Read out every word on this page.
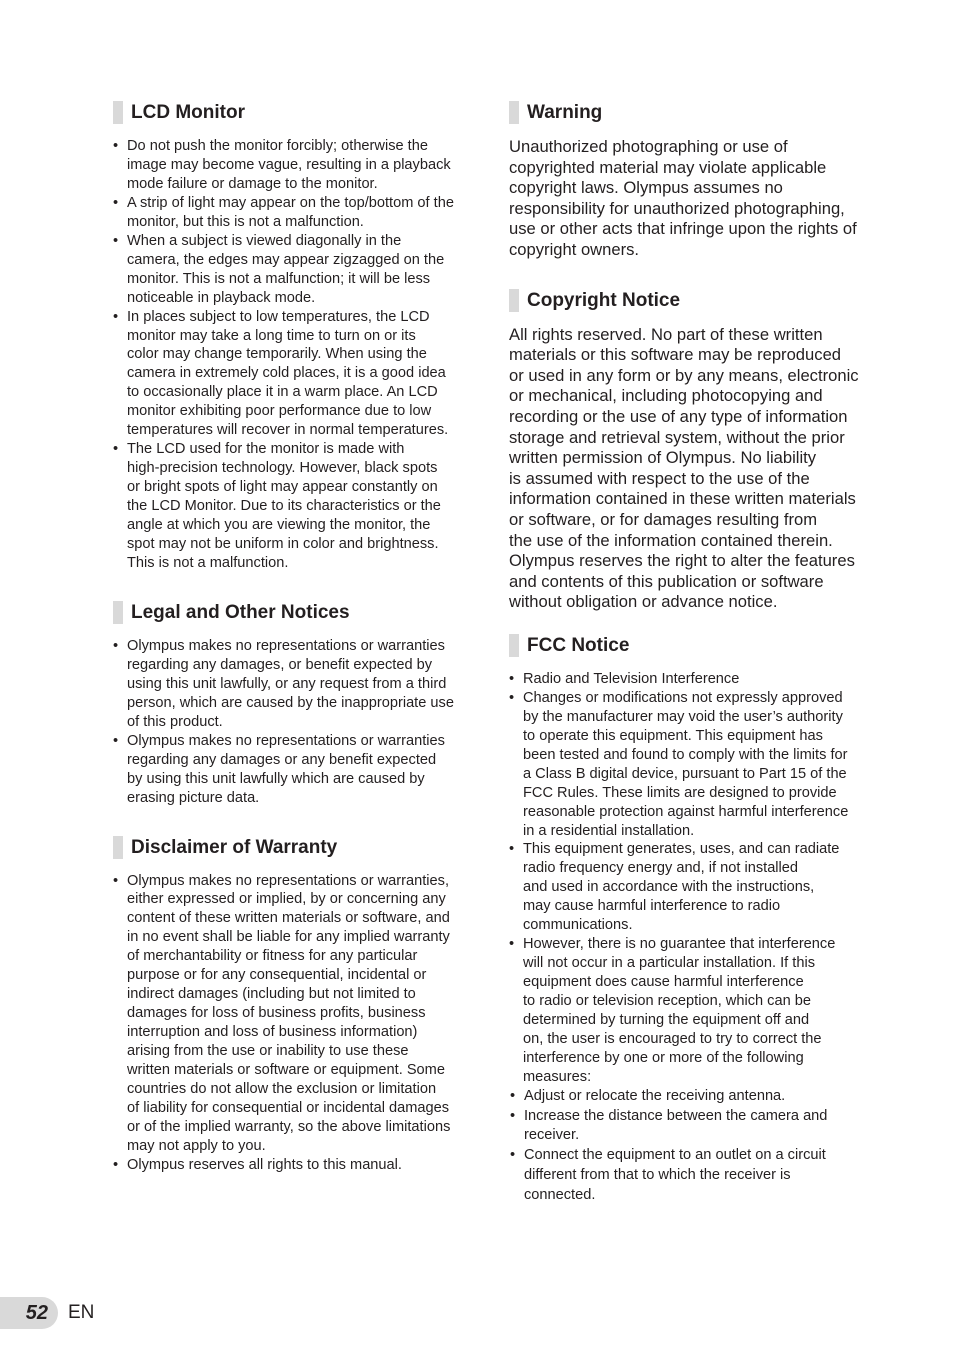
LCD Monitor
• Do not push the monitor forcibly; otherwise the
image may become vague, resulting in a playback
mode failure or damage to the monitor.
• A strip of light may appear on the top/bottom of the
monitor, but this is not a malfunction.
• When a subject is viewed diagonally in the
camera, the edges may appear zigzagged on the
monitor. This is not a malfunction; it will be less
noticeable in playback mode.
• In places subject to low temperatures, the LCD
monitor may take a long time to turn on or its
color may change temporarily. When using the
camera in extremely cold places, it is a good idea
to occasionally place it in a warm place. An LCD
monitor exhibiting poor performance due to low
temperatures will recover in normal temperatures.
• The LCD used for the monitor is made with
high-precision technology. However, black spots
or bright spots of light may appear constantly on
the LCD Monitor. Due to its characteristics or the
angle at which you are viewing the monitor, the
spot may not be uniform in color and brightness.
This is not a malfunction.
Legal and Other Notices
• Olympus makes no representations or warranties
regarding any damages, or benefit expected by
using this unit lawfully, or any request from a third
person, which are caused by the inappropriate use
of this product.
• Olympus makes no representations or warranties
regarding any damages or any benefit expected
by using this unit lawfully which are caused by
erasing picture data.
Disclaimer of Warranty
• Olympus makes no representations or warranties,
either expressed or implied, by or concerning any
content of these written materials or software, and
in no event shall be liable for any implied warranty
of merchantability or fitness for any particular
purpose or for any consequential, incidental or
indirect damages (including but not limited to
damages for loss of business profits, business
interruption and loss of business information)
arising from the use or inability to use these
written materials or software or equipment. Some
countries do not allow the exclusion or limitation
of liability for consequential or incidental damages
or of the implied warranty, so the above limitations
may not apply to you.
• Olympus reserves all rights to this manual.
Warning

Unauthorized photographing or use of
copyrighted material may violate applicable
copyright laws. Olympus assumes no
responsibility for unauthorized photographing,
use or other acts that infringe upon the rights of
copyright owners.

Copyright Notice

All rights reserved. No part of these written
materials or this software may be reproduced
or used in any form or by any means, electronic
or mechanical, including photocopying and
recording or the use of any type of information
storage and retrieval system, without the prior
written permission of Olympus. No liability
is assumed with respect to the use of the
information contained in these written materials
or software, or for damages resulting from
the use of the information contained therein.
Olympus reserves the right to alter the features
and contents of this publication or software
without obligation or advance notice.

FCC Notice
• Radio and Television Interference
• Changes or modifications not expressly approved
by the manufacturer may void the user’s authority
to operate this equipment. This equipment has
been tested and found to comply with the limits for
a Class B digital device, pursuant to Part 15 of the
FCC Rules. These limits are designed to provide
reasonable protection against harmful interference
in a residential installation.
• This equipment generates, uses, and can radiate
radio frequency energy and, if not installed
and used in accordance with the instructions,
may cause harmful interference to radio
communications.
• However, there is no guarantee that interference
will not occur in a particular installation. If this
equipment does cause harmful interference
to radio or television reception, which can be
determined by turning the equipment off and
on, the user is encouraged to try to correct the
interference by one or more of the following
measures:
• Adjust or relocate the receiving antenna.
• Increase the distance between the camera and
receiver.
• Connect the equipment to an outlet on a circuit
different from that to which the receiver is
connected.
52 EN
